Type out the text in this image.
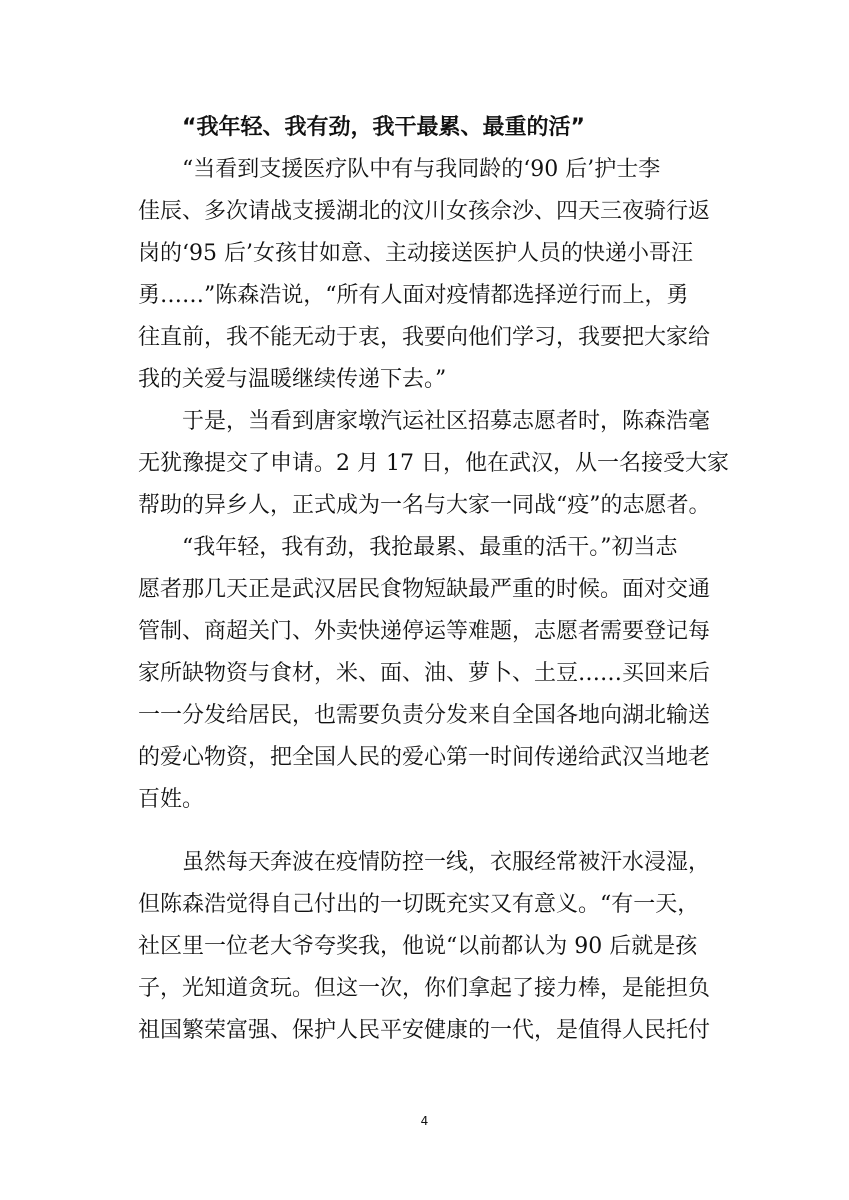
“我年轻、我有劲，我干最累、最重的活”
“当看到支援医疗队中有与我同龄的‘90 后’护士李
佳辰、多次请战支援湖北的汶川女孩佘沙、四天三夜骑行返
岗的‘95 后’女孩甘如意、主动接送医护人员的快递小哥汪
勇……”陈森浩说，“所有人面对疫情都选择逆行而上，勇
往直前，我不能无动于衷，我要向他们学习，我要把大家给
我的关爱与温暖继续传递下去。”
于是，当看到唐家墩汽运社区招募志愿者时，陈森浩毫
无犹豫提交了申请。2 月 17 日，他在武汉，从一名接受大家
帮助的异乡人，正式成为一名与大家一同战“疫”的志愿者。
“我年轻，我有劲，我抢最累、最重的活干。”初当志
愿者那几天正是武汉居民食物短缺最严重的时候。面对交通
管制、商超关门、外卖快递停运等难题，志愿者需要登记每
家所缺物资与食材，米、面、油、萝卜、土豆……买回来后
一一分发给居民，也需要负责分发来自全国各地向湖北输送
的爱心物资，把全国人民的爱心第一时间传递给武汉当地老
百姓。
虽然每天奔波在疫情防控一线，衣服经常被汗水浸湿，
但陈森浩觉得自己付出的一切既充实又有意义。“有一天，
社区里一位老大爷夸奖我，他说“以前都认为 90 后就是孩
子，光知道贪玩。但这一次，你们拿起了接力棒，是能担负
祖国繁荣富强、保护人民平安健康的一代，是值得人民托付
4
